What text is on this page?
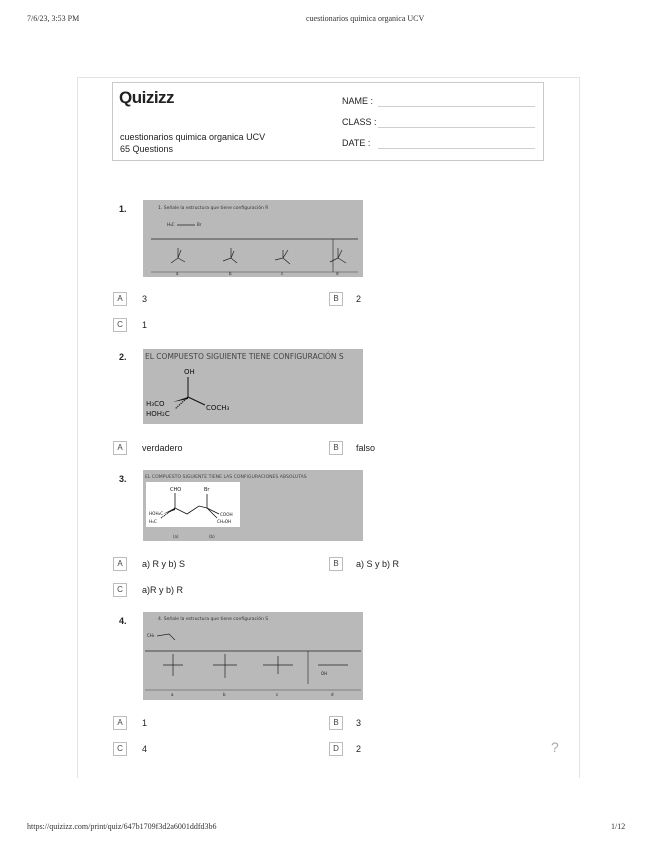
7/6/23, 3:53 PM	cuestionarios quimica organica UCV
https://quizizz.com/print/quiz/647b1709f3d2a6001ddfd3b6	1/12
Quizizz
cuestionarios quimica organica UCV
65 Questions
NAME :
CLASS :
DATE :
1.	1. Señale la estructura que tiene configuración R
H₃C	Br
a	b	c	d
A	3	B	2
C	1
2. EL COMPUESTO SIGUIENTE TIENE CONFIGURACIÓN S
OH
H₃CO
HOH₂C
COCH₃
A	verdadero	B	falso
3.	EL COMPUESTO SIGUIENTE TIENE LAS CONFIGURACIONES ABSOLUTAS
CHO	Br
HOH₂C
H₃C
COOH
CH₂OH
(a)	(b)
A	a) R y b) S	B	a) S y b) R
C	a)R y b) R
4.	4. Señale la estructura que tiene configuración S
CH₃
OH
a	b	c	d
A	1	B	3
C	4	D	2	?
